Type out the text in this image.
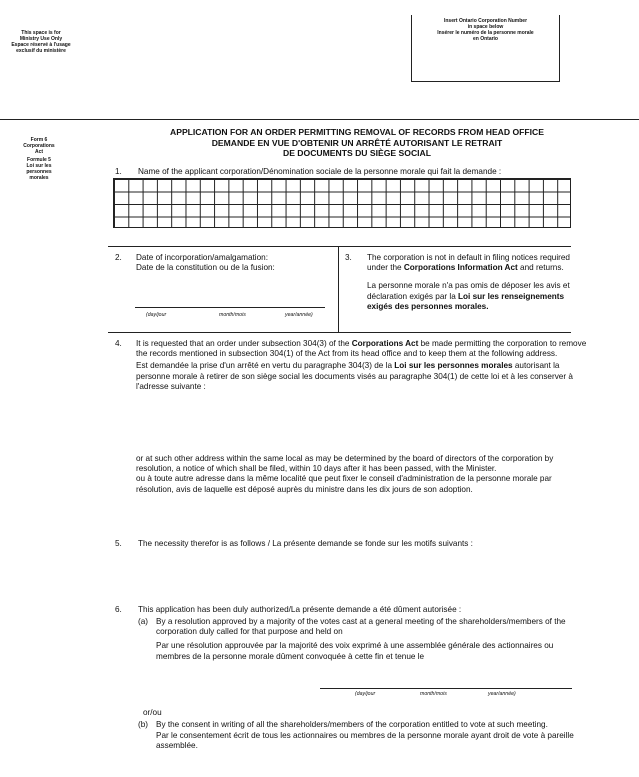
This space is for
Ministry Use Only
Espace réservé à l'usage
exclusif du ministère
Insert Ontario Corporation Number
in space below
Insérer le numéro de la personne morale
en Ontario
Form 6
Corporations
Act
Formule 5
Loi sur les
personnes
morales
APPLICATION FOR AN ORDER PERMITTING REMOVAL OF RECORDS FROM HEAD OFFICE
DEMANDE EN VUE D'OBTENIR UN ARRÊTÉ AUTORISANT LE RETRAIT
DE DOCUMENTS DU SIÈGE SOCIAL
1.	Name of the applicant corporation/Dénomination sociale de la personne morale qui fait la demande :
2.	Date of incorporation/amalgamation:
Date de la constitution ou de la fusion:
(day/jour	month/mois	year/année)
3.	The corporation is not in default in filing notices required under the Corporations Information Act and returns.
La personne morale n'a pas omis de déposer les avis et déclaration exigés par la Loi sur les renseignements exigés des personnes morales.
4.	It is requested that an order under subsection 304(3) of the Corporations Act be made permitting the corporation to remove the records mentioned in subsection 304(1) of the Act from its head office and to keep them at the following address.
Est demandée la prise d'un arrêté en vertu du paragraphe 304(3) de la Loi sur les personnes morales autorisant la personne morale à retirer de son siège social les documents visés au paragraphe 304(1) de cette loi et à les conserver à l'adresse suivante :
or at such other address within the same local as may be determined by the board of directors of the corporation by resolution, a notice of which shall be filed, within 10 days after it has been passed, with the Minister.
ou à toute autre adresse dans la même localité que peut fixer le conseil d'administration de la personne morale par résolution, avis de laquelle est déposé auprès du ministre dans les dix jours de son adoption.
5.	The necessity therefor is as follows / La présente demande se fonde sur les motifs suivants :
6.	This application has been duly authorized/La présente demande a été dûment autorisée :
(a) By a resolution approved by a majority of the votes cast at a general meeting of the shareholders/members of the corporation duly called for that purpose and held on
Par une résolution approuvée par la majorité des voix exprimé à une assemblée générale des actionnaires ou membres de la personne morale dûment convoquée à cette fin et tenue le
(day/jour	month/mois	year/année)
or/ou
(b) By the consent in writing of all the shareholders/members of the corporation entitled to vote at such meeting.
Par le consentement écrit de tous les actionnaires ou membres de la personne morale ayant droit de vote à pareille assemblée.
